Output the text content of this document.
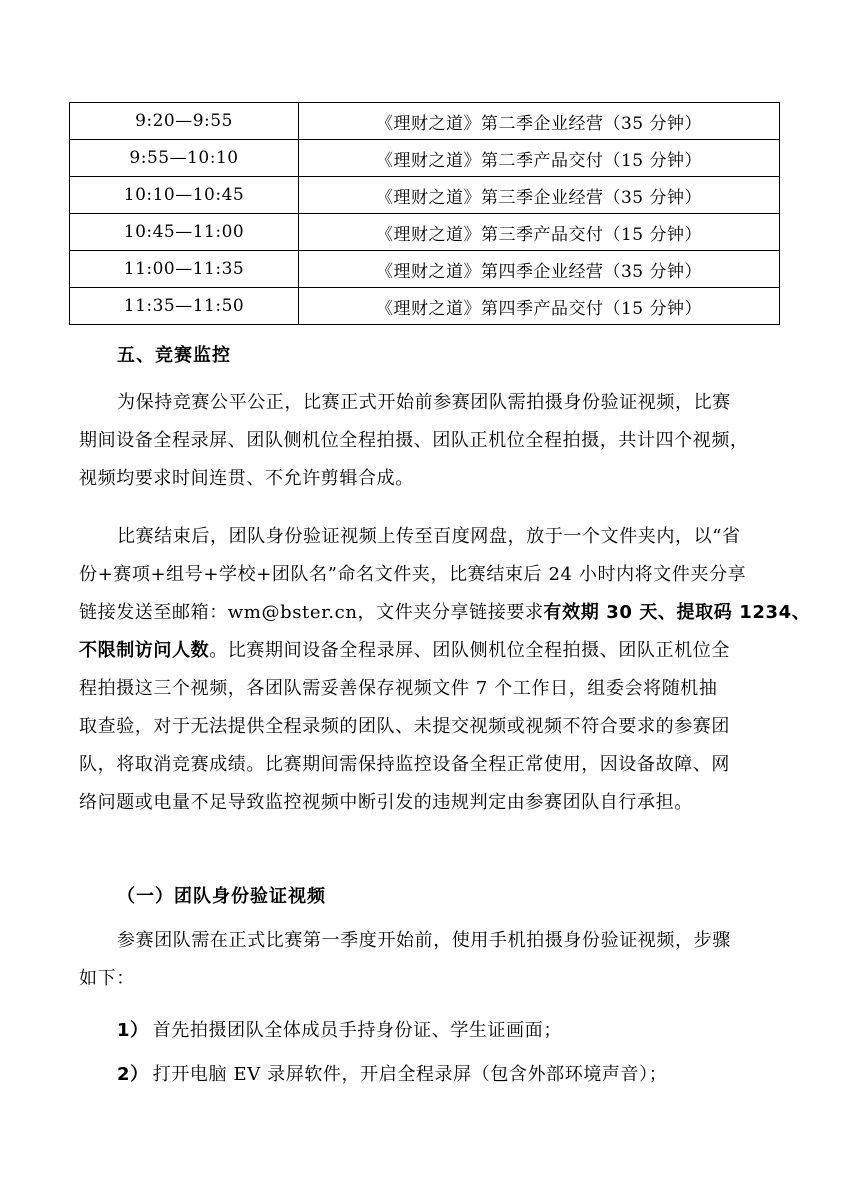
9:20—9:55	《理财之道》第二季企业经营（35 分钟）
9:55—10:10	《理财之道》第二季产品交付（15 分钟）
10:10—10:45	《理财之道》第三季企业经营（35 分钟）
10:45—11:00	《理财之道》第三季产品交付（15 分钟）
11:00—11:35	《理财之道》第四季企业经营（35 分钟）
11:35—11:50	《理财之道》第四季产品交付（15 分钟）
五、竞赛监控
为保持竞赛公平公正，比赛正式开始前参赛团队需拍摄身份验证视频，比赛
期间设备全程录屏、团队侧机位全程拍摄、团队正机位全程拍摄，共计四个视频，
视频均要求时间连贯、不允许剪辑合成。
比赛结束后，团队身份验证视频上传至百度网盘，放于一个文件夹内，以“省
份+赛项+组号+学校+团队名”命名文件夹，比赛结束后 24 小时内将文件夹分享
链接发送至邮箱：wm@bster.cn，文件夹分享链接要求有效期 30 天、提取码 1234、
不限制访问人数。比赛期间设备全程录屏、团队侧机位全程拍摄、团队正机位全
程拍摄这三个视频，各团队需妥善保存视频文件 7 个工作日，组委会将随机抽
取查验，对于无法提供全程录频的团队、未提交视频或视频不符合要求的参赛团
队，将取消竞赛成绩。比赛期间需保持监控设备全程正常使用，因设备故障、网
络问题或电量不足导致监控视频中断引发的违规判定由参赛团队自行承担。
（一）团队身份验证视频
参赛团队需在正式比赛第一季度开始前，使用手机拍摄身份验证视频，步骤
如下：
1） 首先拍摄团队全体成员手持身份证、学生证画面；
2） 打开电脑 EV 录屏软件，开启全程录屏（包含外部环境声音）；
